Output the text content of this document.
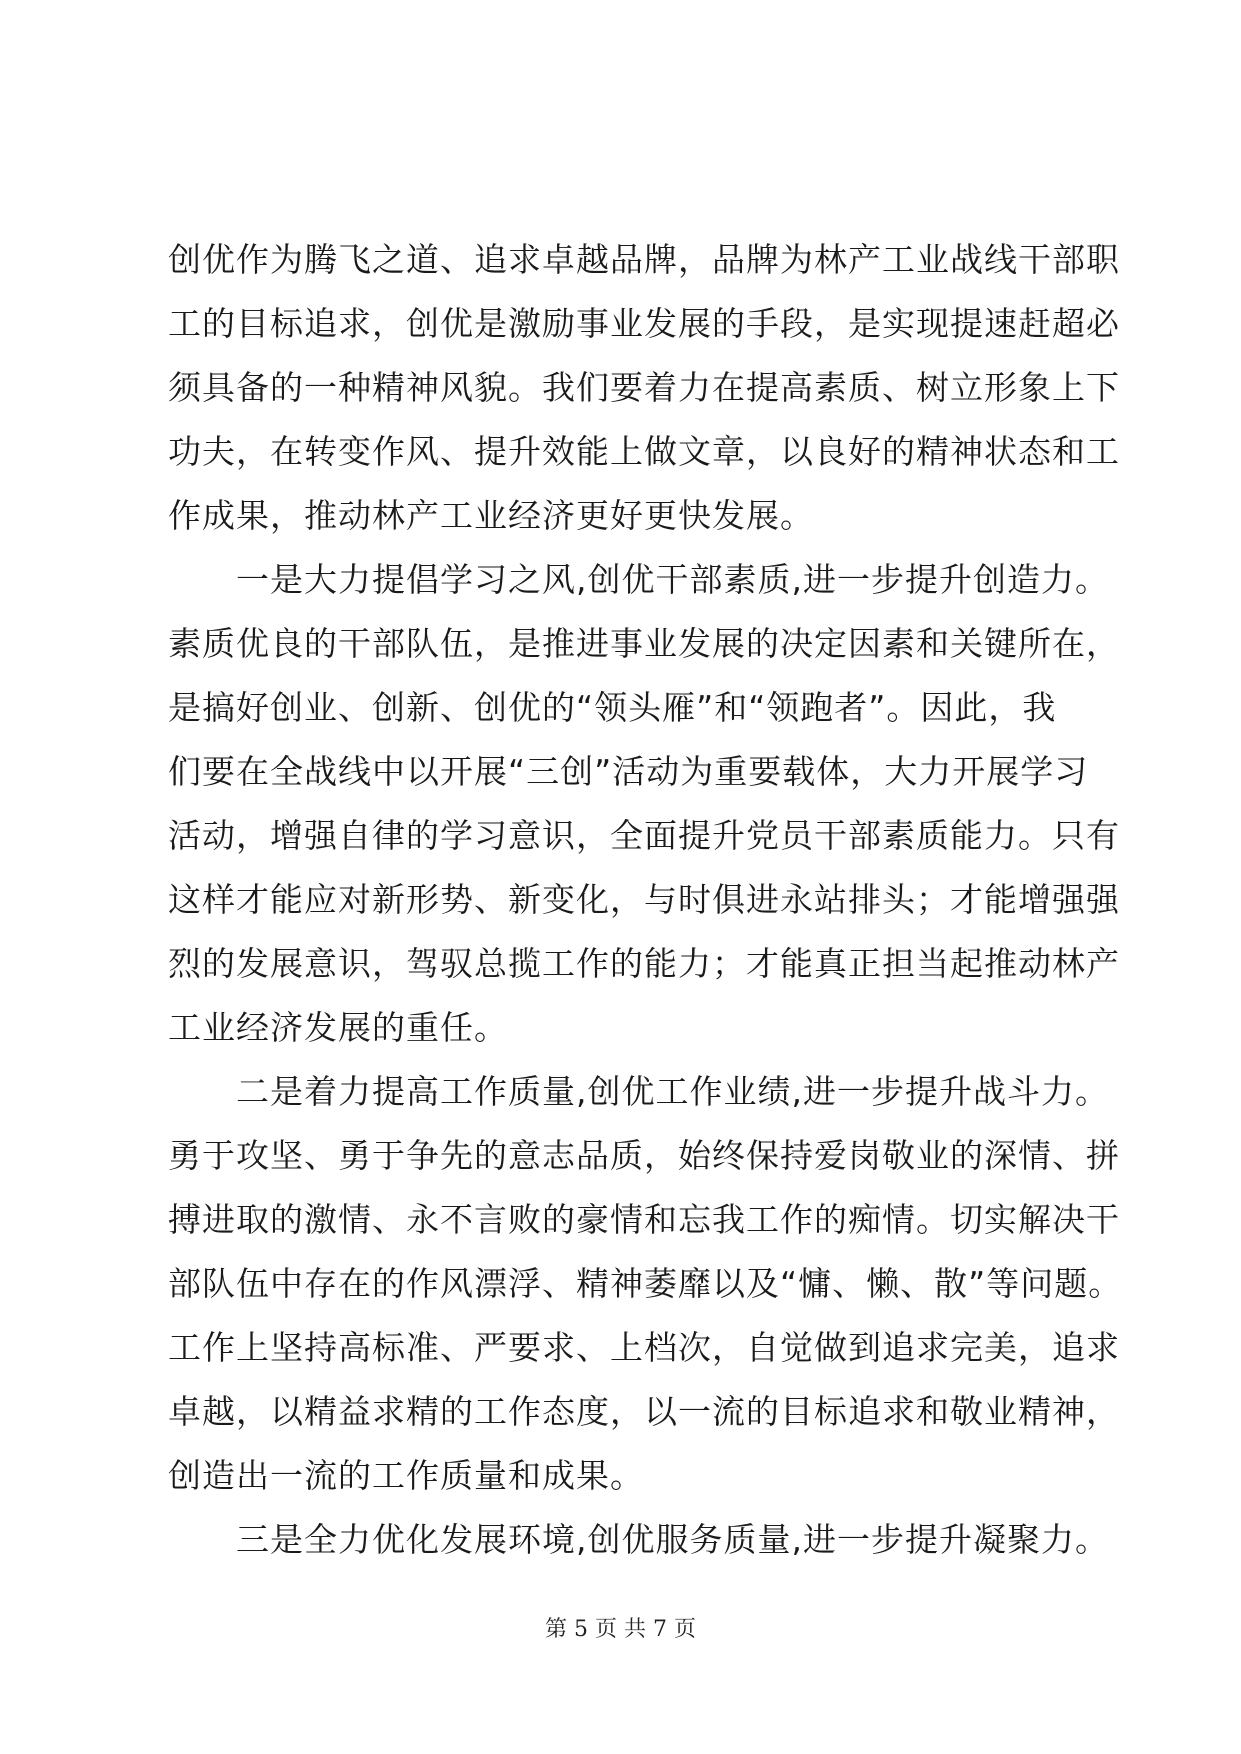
创优作为腾飞之道、追求卓越品牌，品牌为林产工业战线干部职
工的目标追求，创优是激励事业发展的手段，是实现提速赶超必
须具备的一种精神风貌。我们要着力在提高素质、树立形象上下
功夫，在转变作风、提升效能上做文章，以良好的精神状态和工
作成果，推动林产工业经济更好更快发展。
　　一是大力提倡学习之风,创优干部素质,进一步提升创造力。
素质优良的干部队伍，是推进事业发展的决定因素和关键所在，
是搞好创业、创新、创优的“领头雁”和“领跑者”。因此，我
们要在全战线中以开展“三创”活动为重要载体，大力开展学习
活动，增强自律的学习意识，全面提升党员干部素质能力。只有
这样才能应对新形势、新变化，与时俱进永站排头；才能增强强
烈的发展意识，驾驭总揽工作的能力；才能真正担当起推动林产
工业经济发展的重任。
　　二是着力提高工作质量,创优工作业绩,进一步提升战斗力。
勇于攻坚、勇于争先的意志品质，始终保持爱岗敬业的深情、拼
搏进取的激情、永不言败的豪情和忘我工作的痴情。切实解决干
部队伍中存在的作风漂浮、精神萎靡以及“慵、懒、散”等问题。
工作上坚持高标准、严要求、上档次，自觉做到追求完美，追求
卓越，以精益求精的工作态度，以一流的目标追求和敬业精神，
创造出一流的工作质量和成果。
　　三是全力优化发展环境,创优服务质量,进一步提升凝聚力。
第 5 页 共 7 页
